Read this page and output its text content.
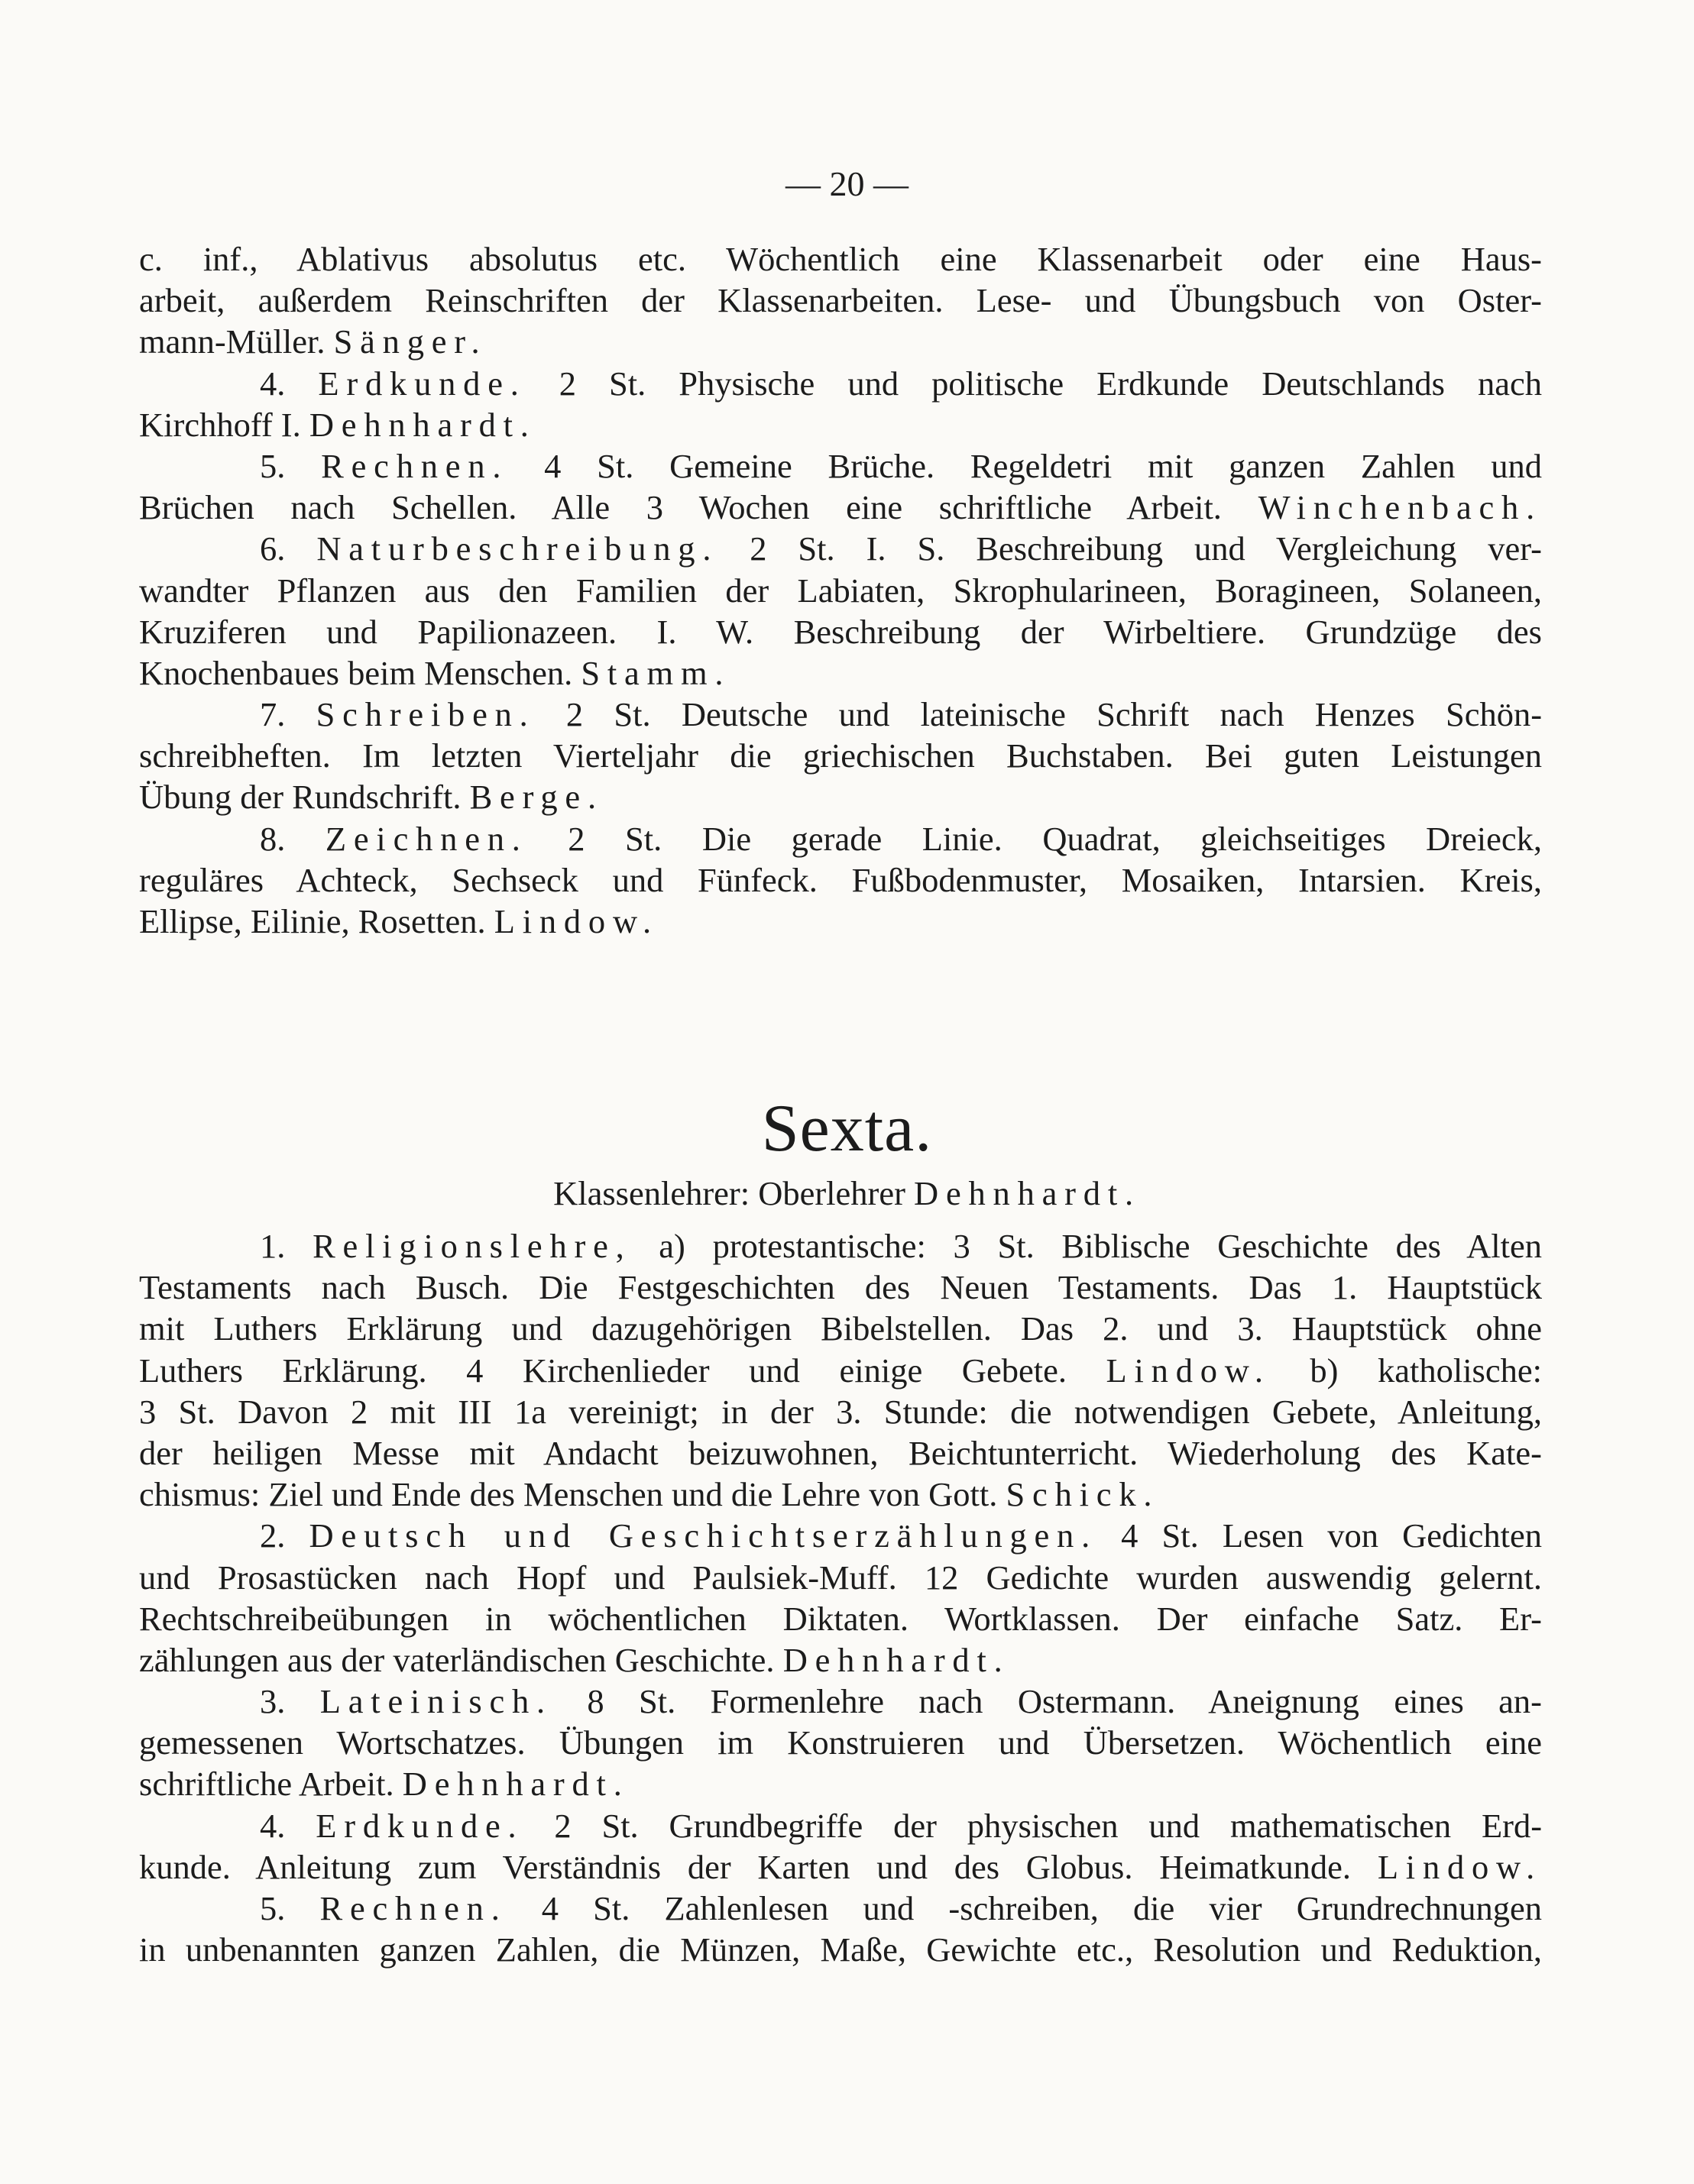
— 20 —
c. inf., Ablativus absolutus etc. Wöchentlich eine Klassenarbeit oder eine Haus-
arbeit, außerdem Reinschriften der Klassenarbeiten. Lese- und Übungsbuch von Oster-
mann-Müller. Sänger.
4. Erdkunde. 2 St. Physische und politische Erdkunde Deutschlands nach
Kirchhoff I. Dehnhardt.
5. Rechnen. 4 St. Gemeine Brüche. Regeldetri mit ganzen Zahlen und
Brüchen nach Schellen. Alle 3 Wochen eine schriftliche Arbeit. Winchenbach.
6. Naturbeschreibung. 2 St. I. S. Beschreibung und Vergleichung ver-
wandter Pflanzen aus den Familien der Labiaten, Skrophularineen, Boragineen, Solaneen,
Kruziferen und Papilionazeen. I. W. Beschreibung der Wirbeltiere. Grundzüge des
Knochenbaues beim Menschen. Stamm.
7. Schreiben. 2 St. Deutsche und lateinische Schrift nach Henzes Schön-
schreibheften. Im letzten Vierteljahr die griechischen Buchstaben. Bei guten Leistungen
Übung der Rundschrift. Berge.
8. Zeichnen. 2 St. Die gerade Linie. Quadrat, gleichseitiges Dreieck,
reguläres Achteck, Sechseck und Fünfeck. Fußbodenmuster, Mosaiken, Intarsien. Kreis,
Ellipse, Eilinie, Rosetten. Lindow.
Sexta.
Klassenlehrer: Oberlehrer Dehnhardt.
1. Religionslehre, a) protestantische: 3 St. Biblische Geschichte des Alten
Testaments nach Busch. Die Festgeschichten des Neuen Testaments. Das 1. Hauptstück
mit Luthers Erklärung und dazugehörigen Bibelstellen. Das 2. und 3. Hauptstück ohne
Luthers Erklärung. 4 Kirchenlieder und einige Gebete. Lindow. b) katholische:
3 St. Davon 2 mit III 1a vereinigt; in der 3. Stunde: die notwendigen Gebete, Anleitung,
der heiligen Messe mit Andacht beizuwohnen, Beichtunterricht. Wiederholung des Kate-
chismus: Ziel und Ende des Menschen und die Lehre von Gott. Schick.
2. Deutsch und Geschichtserzählungen. 4 St. Lesen von Gedichten
und Prosastücken nach Hopf und Paulsiek-Muff. 12 Gedichte wurden auswendig gelernt.
Rechtschreibeübungen in wöchentlichen Diktaten. Wortklassen. Der einfache Satz. Er-
zählungen aus der vaterländischen Geschichte. Dehnhardt.
3. Lateinisch. 8 St. Formenlehre nach Ostermann. Aneignung eines an-
gemessenen Wortschatzes. Übungen im Konstruieren und Übersetzen. Wöchentlich eine
schriftliche Arbeit. Dehnhardt.
4. Erdkunde. 2 St. Grundbegriffe der physischen und mathematischen Erd-
kunde. Anleitung zum Verständnis der Karten und des Globus. Heimatkunde. Lindow.
5. Rechnen. 4 St. Zahlenlesen und -schreiben, die vier Grundrechnungen
in unbenannten ganzen Zahlen, die Münzen, Maße, Gewichte etc., Resolution und Reduktion,
